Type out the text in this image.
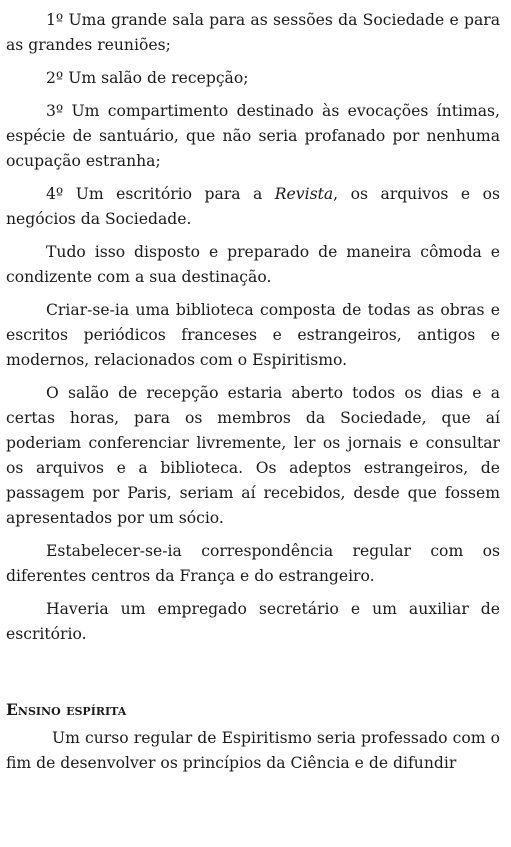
1º Uma grande sala para as sessões da Sociedade e para as grandes reuniões;

2º Um salão de recepção;

3º Um compartimento destinado às evocações íntimas, espécie de santuário, que não seria profanado por nenhuma ocupação estranha;

4º Um escritório para a Revista, os arquivos e os negócios da Sociedade.

Tudo isso disposto e preparado de maneira cômoda e condizente com a sua destinação.

Criar-se-ia uma biblioteca composta de todas as obras e escritos periódicos franceses e estrangeiros, antigos e modernos, relacionados com o Espiritismo.

O salão de recepção estaria aberto todos os dias e a certas horas, para os membros da Sociedade, que aí poderiam conferenciar livremente, ler os jornais e consultar os arquivos e a biblioteca. Os adeptos estrangeiros, de passagem por Paris, seriam aí recebidos, desde que fossem apresentados por um sócio.

Estabelecer-se-ia correspondência regular com os diferentes centros da França e do estrangeiro.

Haveria um empregado secretário e um auxiliar de escritório.

Ensino espírita

Um curso regular de Espiritismo seria professado com o fim de desenvolver os princípios da Ciência e de difundir
